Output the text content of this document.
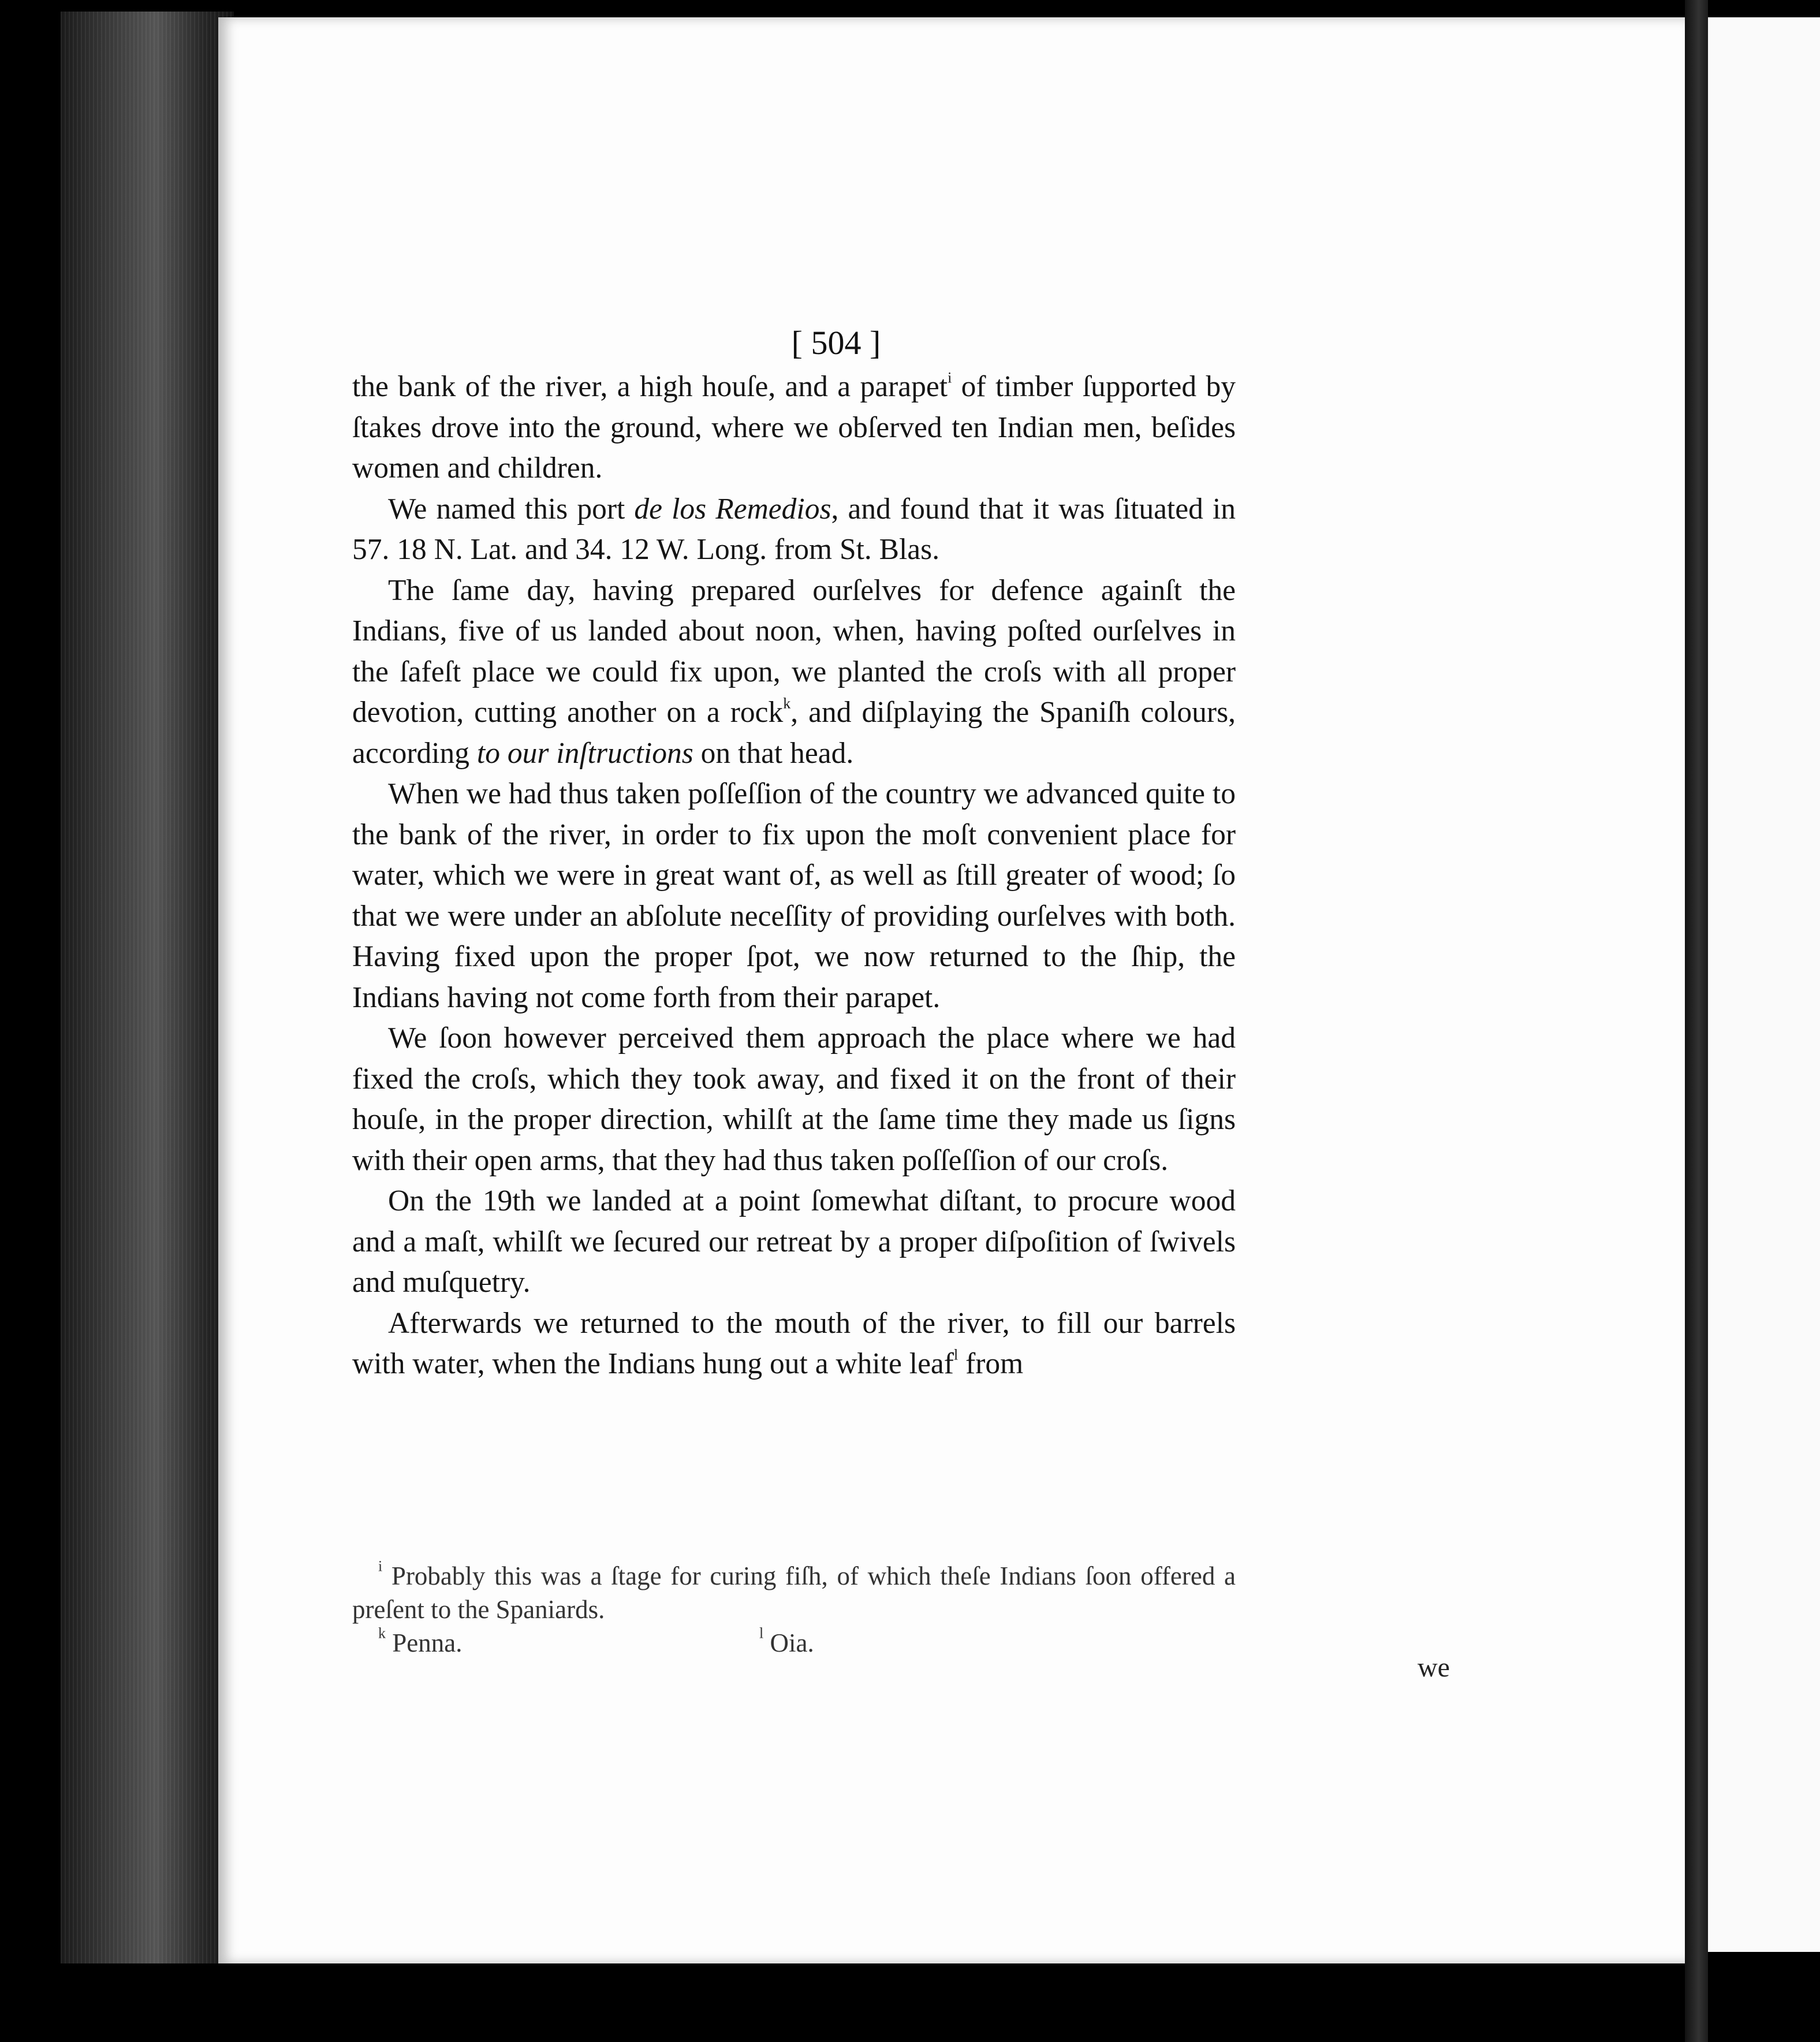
[ 504 ]

the bank of the river, a high houſe, and a parapet$^i$ of timber ſupported by ſtakes drove into the ground, where we obſerved ten Indian men, beſides women and children.

We named this port de los Remedios, and found that it was ſituated in 57. 18 N. Lat. and 34. 12 W. Long. from St. Blas.

The ſame day, having prepared ourſelves for defence againſt the Indians, five of us landed about noon, when, having poſted ourſelves in the ſafeſt place we could fix upon, we planted the croſs with all proper devotion, cutting another on a rock$^k$, and diſplaying the Spaniſh colours, according to our inſtructions on that head.

When we had thus taken poſſeſſion of the country we advanced quite to the bank of the river, in order to fix upon the moſt convenient place for water, which we were in great want of, as well as ſtill greater of wood; ſo that we were under an abſolute neceſſity of providing ourſelves with both. Having fixed upon the proper ſpot, we now returned to the ſhip, the Indians having not come forth from their parapet.

We ſoon however perceived them approach the place where we had fixed the croſs, which they took away, and fixed it on the front of their houſe, in the proper direction, whilſt at the ſame time they made us ſigns with their open arms, that they had thus taken poſſeſſion of our croſs.

On the 19th we landed at a point ſomewhat diſtant, to procure wood and a maſt, whilſt we ſecured our retreat by a proper diſpoſition of ſwivels and muſquetry.

Afterwards we returned to the mouth of the river, to fill our barrels with water, when the Indians hung out a white leaf$^l$ from

$^i$ Probably this was a ſtage for curing fiſh, of which theſe Indians ſoon offered a preſent to the Spaniards.

$^k$ Penna.	$^l$ Oia.
we
